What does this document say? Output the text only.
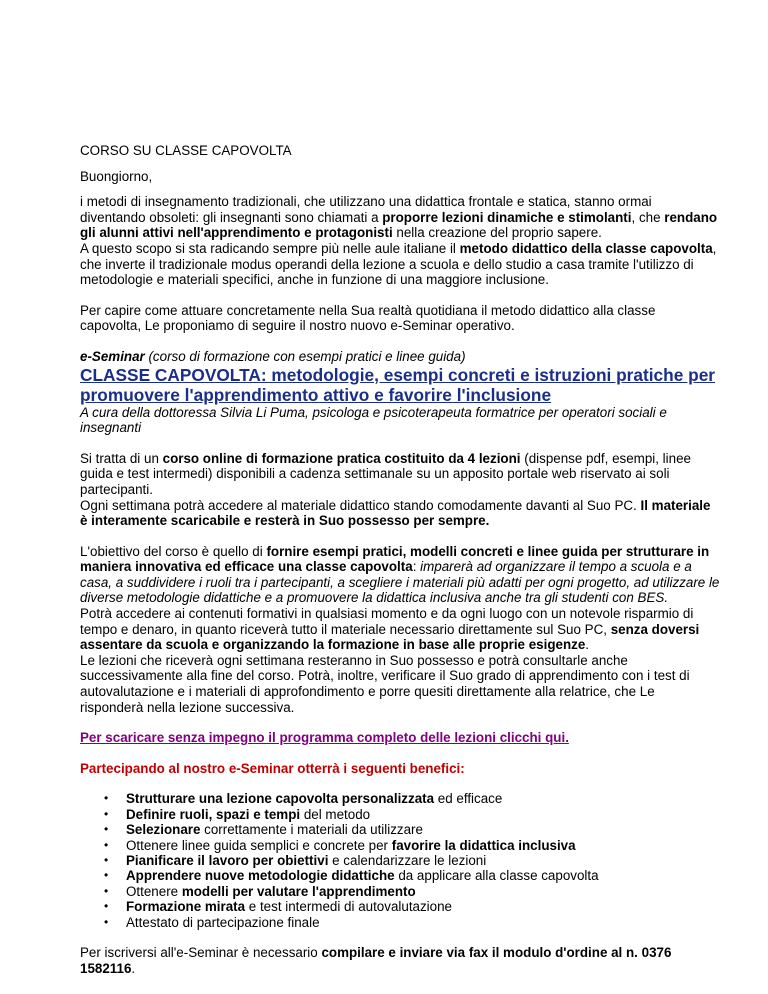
CORSO SU CLASSE CAPOVOLTA

Buongiorno,

i metodi di insegnamento tradizionali, che utilizzano una didattica frontale e statica, stanno ormai diventando obsoleti: gli insegnanti sono chiamati a proporre lezioni dinamiche e stimolanti, che rendano gli alunni attivi nell'apprendimento e protagonisti nella creazione del proprio sapere.
A questo scopo si sta radicando sempre più nelle aule italiane il metodo didattico della classe capovolta, che inverte il tradizionale modus operandi della lezione a scuola e dello studio a casa tramite l'utilizzo di metodologie e materiali specifici, anche in funzione di una maggiore inclusione.

Per capire come attuare concretamente nella Sua realtà quotidiana il metodo didattico alla classe capovolta, Le proponiamo di seguire il nostro nuovo e-Seminar operativo.

e-Seminar (corso di formazione con esempi pratici e linee guida)

CLASSE CAPOVOLTA: metodologie, esempi concreti e istruzioni pratiche per promuovere l'apprendimento attivo e favorire l'inclusione

A cura della dottoressa Silvia Li Puma, psicologa e psicoterapeuta formatrice per operatori sociali e insegnanti

Si tratta di un corso online di formazione pratica costituito da 4 lezioni (dispense pdf, esempi, linee guida e test intermedi) disponibili a cadenza settimanale su un apposito portale web riservato ai soli partecipanti.
Ogni settimana potrà accedere al materiale didattico stando comodamente davanti al Suo PC. Il materiale è interamente scaricabile e resterà in Suo possesso per sempre.

L'obiettivo del corso è quello di fornire esempi pratici, modelli concreti e linee guida per strutturare in maniera innovativa ed efficace una classe capovolta: imparerà ad organizzare il tempo a scuola e a casa, a suddividere i ruoli tra i partecipanti, a scegliere i materiali più adatti per ogni progetto, ad utilizzare le diverse metodologie didattiche e a promuovere la didattica inclusiva anche tra gli studenti con BES.
Potrà accedere ai contenuti formativi in qualsiasi momento e da ogni luogo con un notevole risparmio di tempo e denaro, in quanto riceverà tutto il materiale necessario direttamente sul Suo PC, senza doversi assentare da scuola e organizzando la formazione in base alle proprie esigenze.
Le lezioni che riceverà ogni settimana resteranno in Suo possesso e potrà consultarle anche successivamente alla fine del corso. Potrà, inoltre, verificare il Suo grado di apprendimento con i test di autovalutazione e i materiali di approfondimento e porre quesiti direttamente alla relatrice, che Le risponderà nella lezione successiva.

Per scaricare senza impegno il programma completo delle lezioni clicchi qui.

Partecipando al nostro e-Seminar otterrà i seguenti benefici:

• Strutturare una lezione capovolta personalizzata ed efficace
• Definire ruoli, spazi e tempi del metodo
• Selezionare correttamente i materiali da utilizzare
• Ottenere linee guida semplici e concrete per favorire la didattica inclusiva
• Pianificare il lavoro per obiettivi e calendarizzare le lezioni
• Apprendere nuove metodologie didattiche da applicare alla classe capovolta
• Ottenere modelli per valutare l'apprendimento
• Formazione mirata e test intermedi di autovalutazione
• Attestato di partecipazione finale

Per iscriversi all'e-Seminar è necessario compilare e inviare via fax il modulo d'ordine al n. 0376 1582116.
